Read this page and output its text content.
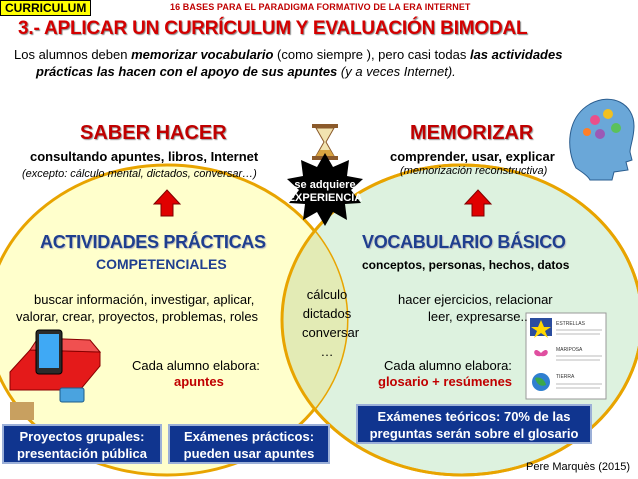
ESTRELLAS
MARIPOSA
TIERRA
CURRICULUM	16 BASES PARA EL PARADIGMA FORMATIVO DE LA ERA INTERNET
3.- APLICAR UN CURRÍCULUM Y EVALUACIÓN BIMODAL
Los alumnos deben memorizar vocabulario (como siempre ), pero casi todas las actividades
prácticas las hacen con el apoyo de sus apuntes (y a veces Internet).
SABER HACER
consultando apuntes, libros, Internet
(excepto: cálculo mental, dictados, conversar…)
MEMORIZAR
comprender, usar, explicar
(memorización reconstructiva)
se adquiere
EXPERIENCIA
ACTIVIDADES PRÁCTICAS
COMPETENCIALES
buscar información, investigar, aplicar,
valorar, crear, proyectos, problemas, roles
Cada alumno elabora:
apuntes
cálculo
dictados
conversar
…
VOCABULARIO BÁSICO
conceptos, personas, hechos, datos
hacer ejercicios, relacionar
leer, expresarse..
Cada alumno elabora:
glosario + resúmenes
Proyectos grupales:
presentación pública
Exámenes prácticos:
pueden usar apuntes
Exámenes teóricos: 70% de las
preguntas serán sobre el glosario
Pere Marquès (2015)
